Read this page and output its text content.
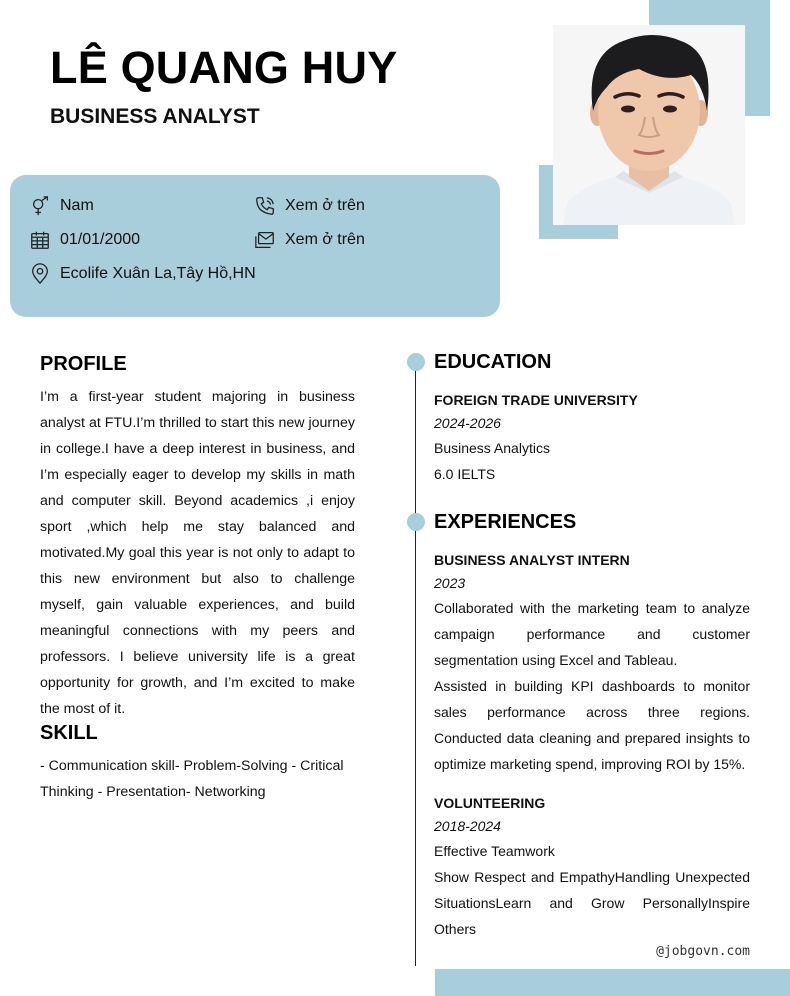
LÊ QUANG HUY
BUSINESS ANALYST
Nam
01/01/2000
Ecolife Xuân La,Tây Hồ,HN
Xem ở trên
Xem ở trên
PROFILE
I’m a first-year student majoring in business analyst at FTU.I’m thrilled to start this new journey in college.I have a deep interest in business, and I’m especially eager to develop my skills in math and computer skill. Beyond academics ,i enjoy sport ,which help me stay balanced and motivated.My goal this year is not only to adapt to this new environment but also to challenge myself, gain valuable experiences, and build meaningful connections with my peers and professors. I believe university life is a great opportunity for growth, and I’m excited to make the most of it.
SKILL
- Communication skill- Problem-Solving - Critical Thinking - Presentation- Networking
EDUCATION
FOREIGN TRADE UNIVERSITY
2024-2026
Business Analytics
6.0 IELTS
EXPERIENCES
BUSINESS ANALYST INTERN
2023
Collaborated with the marketing team to analyze campaign performance and customer segmentation using Excel and Tableau.
Assisted in building KPI dashboards to monitor sales performance across three regions. Conducted data cleaning and prepared insights to optimize marketing spend, improving ROI by 15%.
VOLUNTEERING
2018-2024
Effective Teamwork
Show Respect and EmpathyHandling Unexpected SituationsLearn and Grow PersonallyInspire Others
@jobgovn.com
